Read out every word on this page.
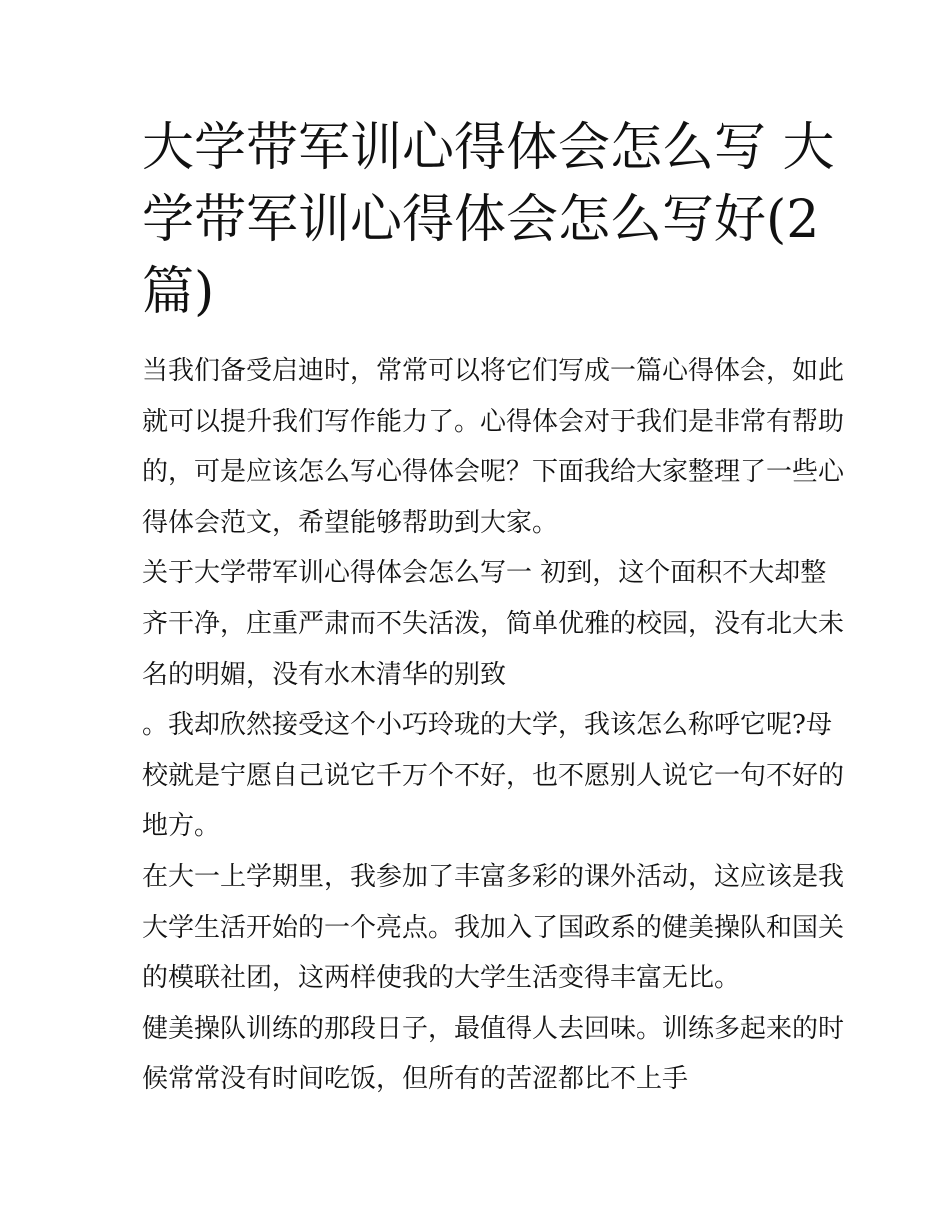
大学带军训心得体会怎么写 大
学带军训心得体会怎么写好(2
篇)

当我们备受启迪时，常常可以将它们写成一篇心得体会，如此
就可以提升我们写作能力了。心得体会对于我们是非常有帮助
的，可是应该怎么写心得体会呢？下面我给大家整理了一些心
得体会范文，希望能够帮助到大家。

关于大学带军训心得体会怎么写一 初到，这个面积不大却整
齐干净，庄重严肃而不失活泼，简单优雅的校园，没有北大未
名的明媚，没有水木清华的别致

。我却欣然接受这个小巧玲珑的大学，我该怎么称呼它呢?母
校就是宁愿自己说它千万个不好，也不愿别人说它一句不好的
地方。

在大一上学期里，我参加了丰富多彩的课外活动，这应该是我
大学生活开始的一个亮点。我加入了国政系的健美操队和国关
的模联社团，这两样使我的大学生活变得丰富无比。

健美操队训练的那段日子，最值得人去回味。训练多起来的时
候常常没有时间吃饭，但所有的苦涩都比不上手
